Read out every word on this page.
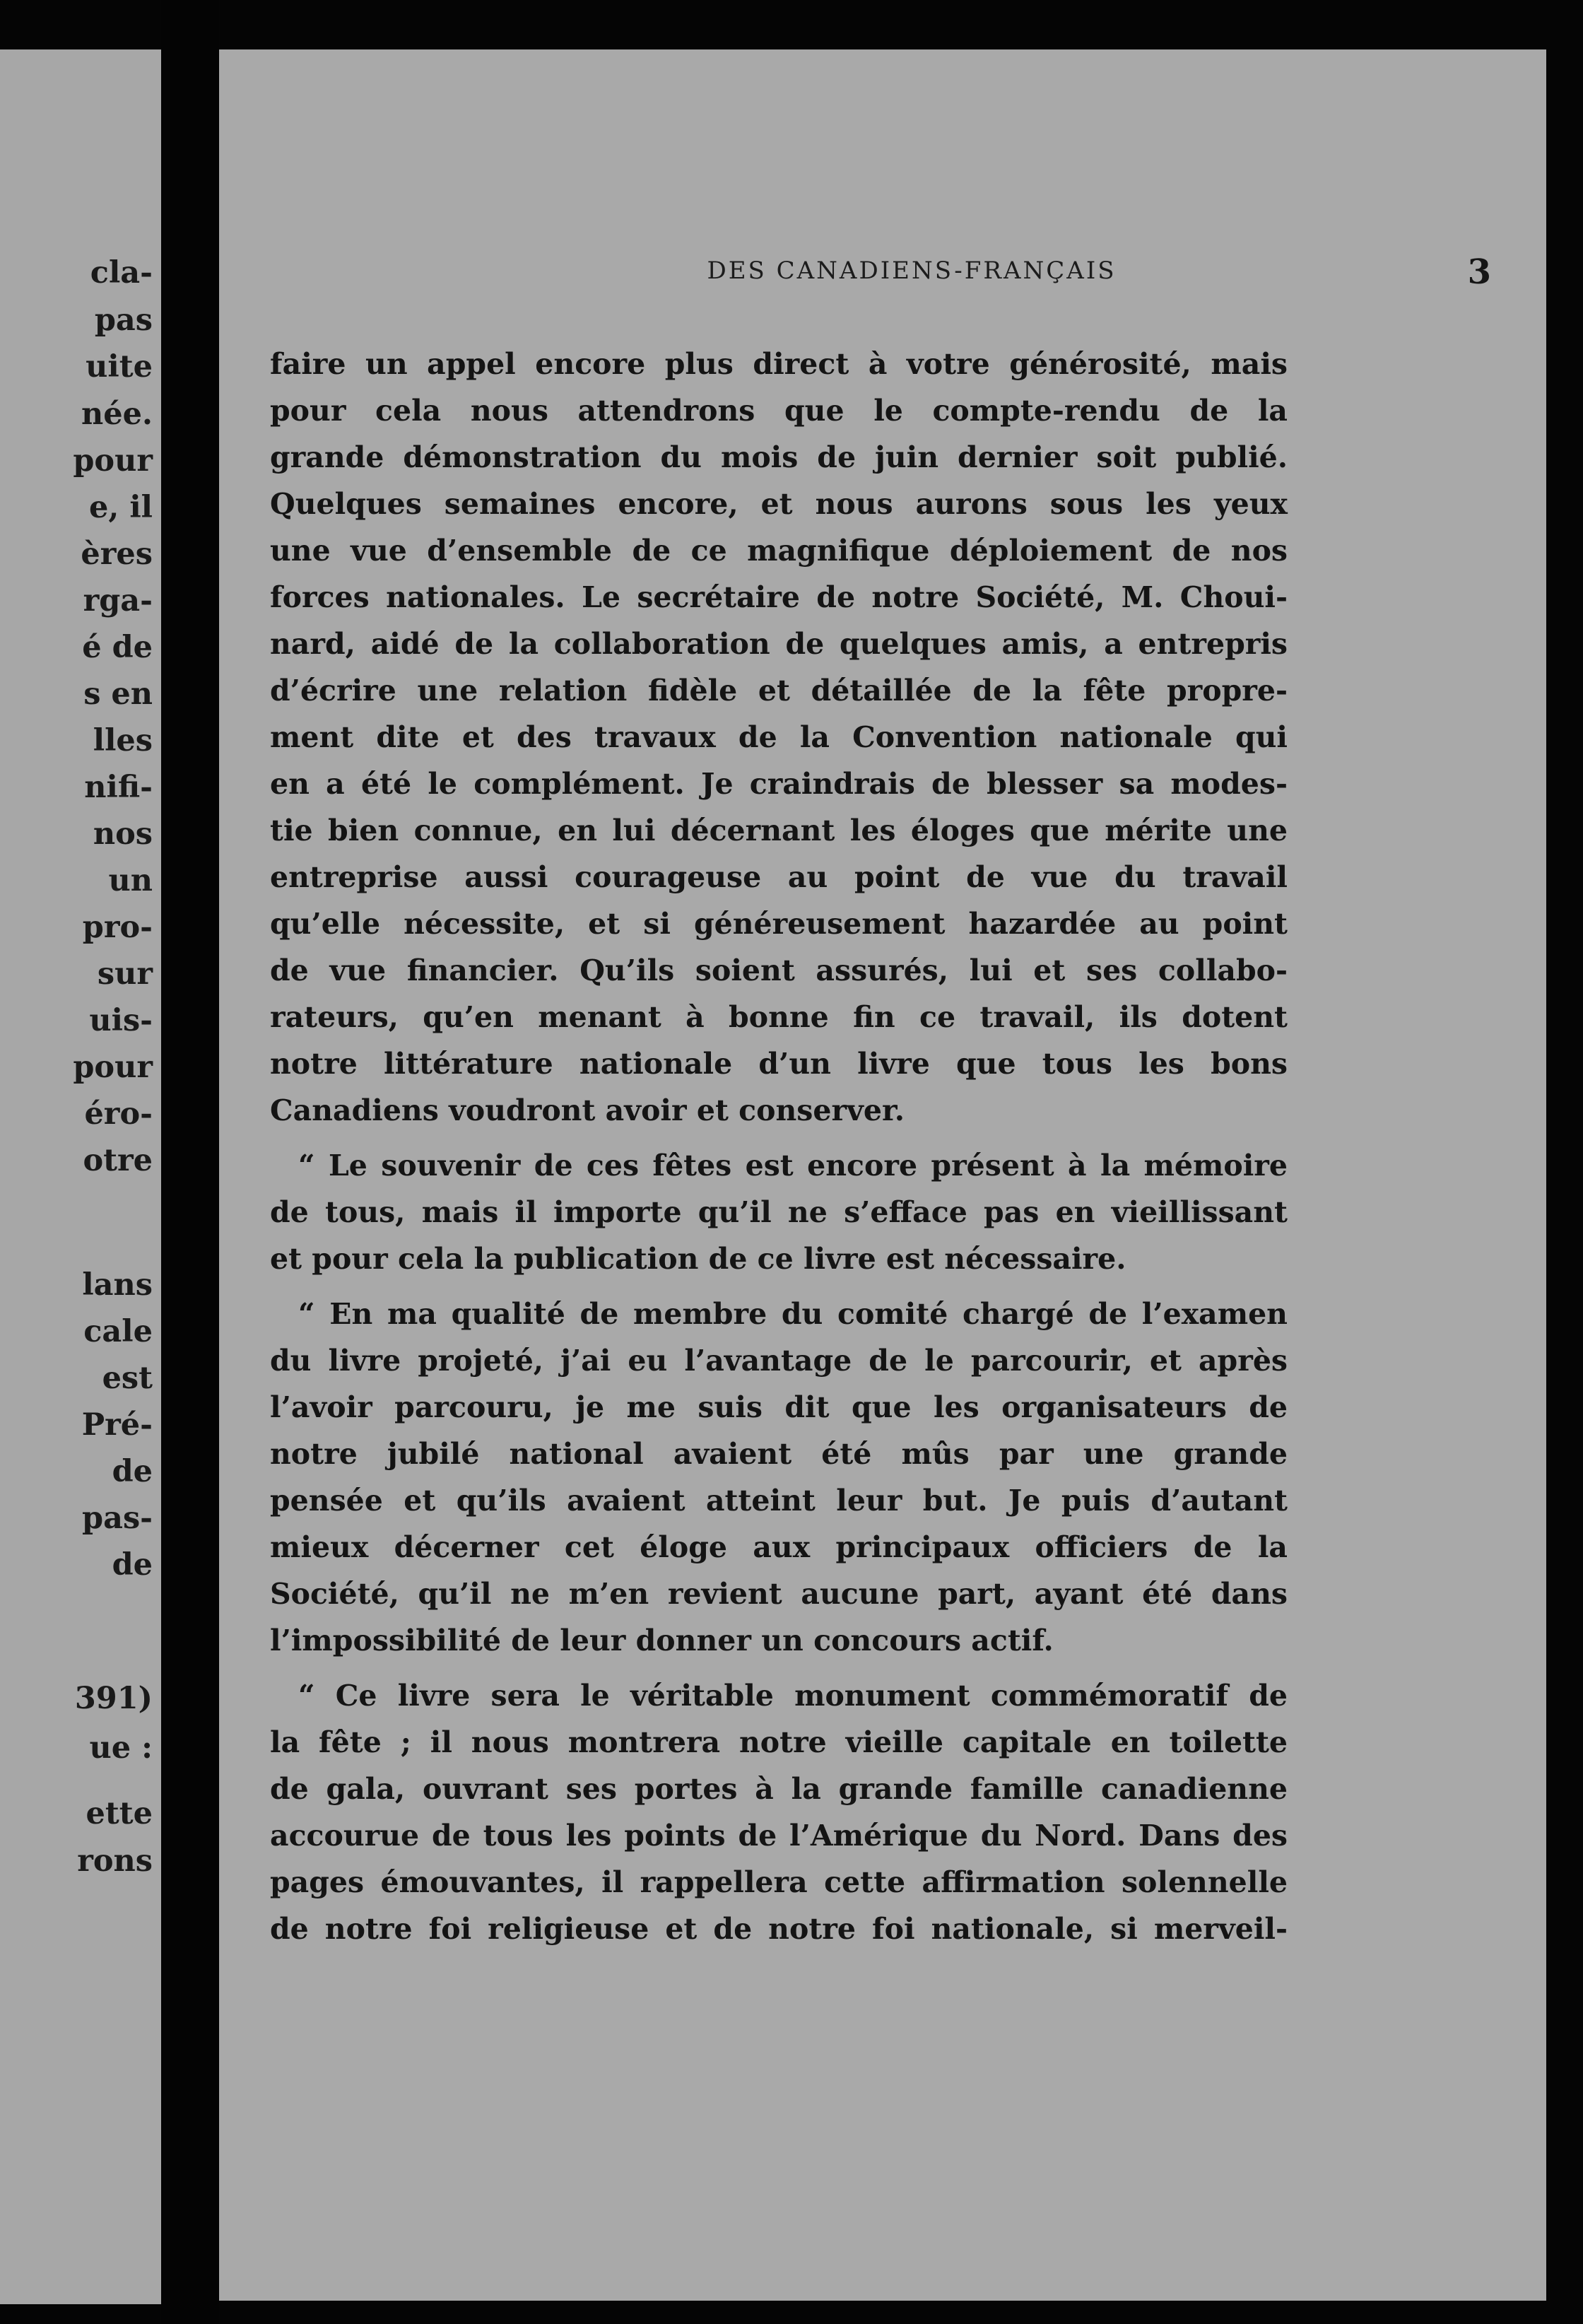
cla-
pas
uite
née.
pour
e, il
ères
rga-
é de
s en
lles
nifi-
nos
un
pro-
sur
uis-
pour
éro-
otre
lans
cale
est
Pré-
de
pas-
de
391)
ue :
ette
rons
DES CANADIENS-FRANÇAIS	3
faire un appel encore plus direct à votre générosité, mais
pour cela nous attendrons que le compte-rendu de la
grande démonstration du mois de juin dernier soit publié.
Quelques semaines encore, et nous aurons sous les yeux
une vue d’ensemble de ce magnifique déploiement de nos
forces nationales. Le secrétaire de notre Société, M. Choui-
nard, aidé de la collaboration de quelques amis, a entrepris
d’écrire une relation fidèle et détaillée de la fête propre-
ment dite et des travaux de la Convention nationale qui
en a été le complément. Je craindrais de blesser sa modes-
tie bien connue, en lui décernant les éloges que mérite une
entreprise aussi courageuse au point de vue du travail
qu’elle nécessite, et si généreusement hazardée au point
de vue financier. Qu’ils soient assurés, lui et ses collabo-
rateurs, qu’en menant à bonne fin ce travail, ils dotent
notre littérature nationale d’un livre que tous les bons
Canadiens voudront avoir et conserver.
“ Le souvenir de ces fêtes est encore présent à la mémoire
de tous, mais il importe qu’il ne s’efface pas en vieillissant
et pour cela la publication de ce livre est nécessaire.
“ En ma qualité de membre du comité chargé de l’examen
du livre projeté, j’ai eu l’avantage de le parcourir, et après
l’avoir parcouru, je me suis dit que les organisateurs de
notre jubilé national avaient été mûs par une grande
pensée et qu’ils avaient atteint leur but. Je puis d’autant
mieux décerner cet éloge aux principaux officiers de la
Société, qu’il ne m’en revient aucune part, ayant été dans
l’impossibilité de leur donner un concours actif.
“ Ce livre sera le véritable monument commémoratif de
la fête ; il nous montrera notre vieille capitale en toilette
de gala, ouvrant ses portes à la grande famille canadienne
accourue de tous les points de l’Amérique du Nord. Dans des
pages émouvantes, il rappellera cette affirmation solennelle
de notre foi religieuse et de notre foi nationale, si merveil-
